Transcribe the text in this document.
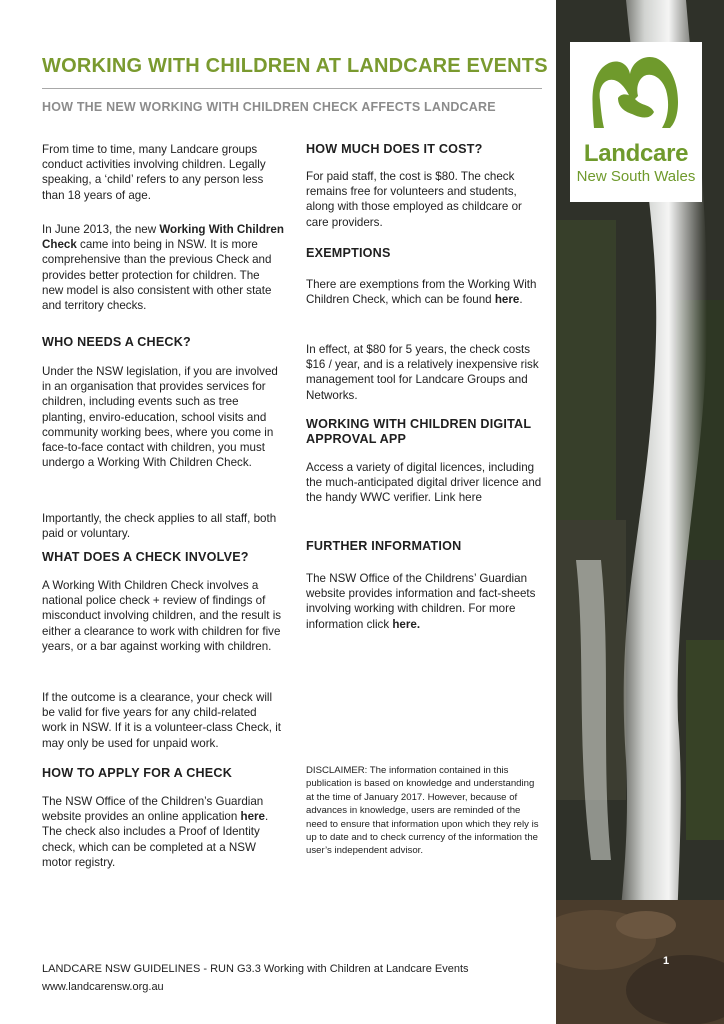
Landcare
New South Wales
WORKING WITH CHILDREN AT LANDCARE EVENTS
HOW THE NEW WORKING WITH CHILDREN CHECK AFFECTS LANDCARE

From time to time, many Landcare groups conduct activities involving children. Legally speaking, a ‘child’ refers to any person less than 18 years of age.

In June 2013, the new Working With Children Check came into being in NSW. It is more comprehensive than the previous Check and provides better protection for children. The new model is also consistent with other state and territory checks.

WHO NEEDS A CHECK?

Under the NSW legislation, if you are involved in an organisation that provides services for children, including events such as tree planting, enviro-education, school visits and community working bees, where you come in face-to-face contact with children, you must undergo a Working With Children Check.

Importantly, the check applies to all staff, both paid or voluntary.

WHAT DOES A CHECK INVOLVE?

A Working With Children Check involves a national police check + review of findings of misconduct involving children, and the result is either a clearance to work with children for five years, or a bar against working with children.

If the outcome is a clearance, your check will be valid for five years for any child-related work in NSW. If it is a volunteer-class Check, it may only be used for unpaid work.

HOW TO APPLY FOR A CHECK

The NSW Office of the Children’s Guardian website provides an online application here. The check also includes a Proof of Identity check, which can be completed at a NSW motor registry.

HOW MUCH DOES IT COST?

For paid staff, the cost is $80. The check remains free for volunteers and students, along with those employed as childcare or care providers.

EXEMPTIONS

There are exemptions from the Working With Children Check, which can be found here.

In effect, at $80 for 5 years, the check costs $16 / year, and is a relatively inexpensive risk management tool for Landcare Groups and Networks.

WORKING WITH CHILDREN DIGITAL APPROVAL APP

Access a variety of digital licences, including the much-anticipated digital driver licence and the handy WWC verifier. Link here

FURTHER INFORMATION

The NSW Office of the Childrens’ Guardian website provides information and fact-sheets involving working with children. For more information click here.

DISCLAIMER: The information contained in this publication is based on knowledge and understanding at the time of January 2017. However, because of advances in knowledge, users are reminded of the need to ensure that information upon which they rely is up to date and to check currency of the information the user’s independent advisor.

LANDCARE NSW GUIDELINES - RUN G3.3 Working with Children at Landcare Events
www.landcarensw.org.au
1
